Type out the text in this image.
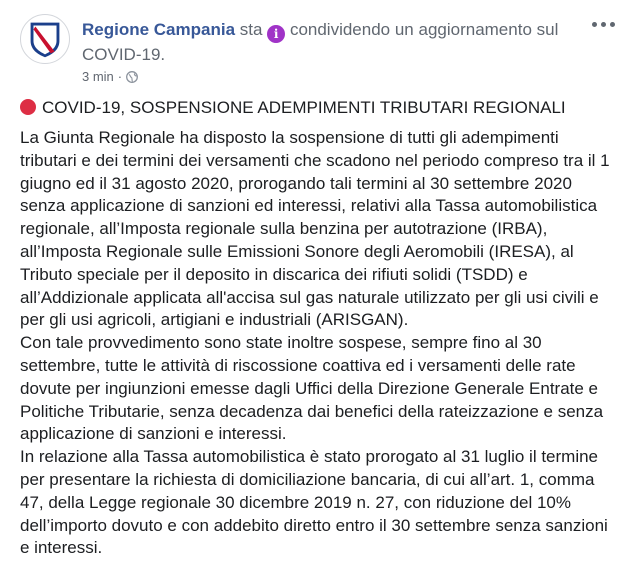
Regione Campania sta i condividendo un aggiornamento sul COVID-19.
3 min ·
COVID-19, SOSPENSIONE ADEMPIMENTI TRIBUTARI REGIONALI

La Giunta Regionale ha disposto la sospensione di tutti gli adempimenti tributari e dei termini dei versamenti che scadono nel periodo compreso tra il 1 giugno ed il 31 agosto 2020, prorogando tali termini al 30 settembre 2020 senza applicazione di sanzioni ed interessi, relativi alla Tassa automobilistica regionale, all’Imposta regionale sulla benzina per autotrazione (IRBA), all’Imposta Regionale sulle Emissioni Sonore degli Aeromobili (IRESA), al Tributo speciale per il deposito in discarica dei rifiuti solidi (TSDD) e all’Addizionale applicata all'accisa sul gas naturale utilizzato per gli usi civili e per gli usi agricoli, artigiani e industriali (ARISGAN).

Con tale provvedimento sono state inoltre sospese, sempre fino al 30 settembre, tutte le attività di riscossione coattiva ed i versamenti delle rate dovute per ingiunzioni emesse dagli Uffici della Direzione Generale Entrate e Politiche Tributarie, senza decadenza dai benefici della rateizzazione e senza applicazione di sanzioni e interessi.

In relazione alla Tassa automobilistica è stato prorogato al 31 luglio il termine per presentare la richiesta di domiciliazione bancaria, di cui all’art. 1, comma 47, della Legge regionale 30 dicembre 2019 n. 27, con riduzione del 10% dell’importo dovuto e con addebito diretto entro il 30 settembre senza sanzioni e interessi.
